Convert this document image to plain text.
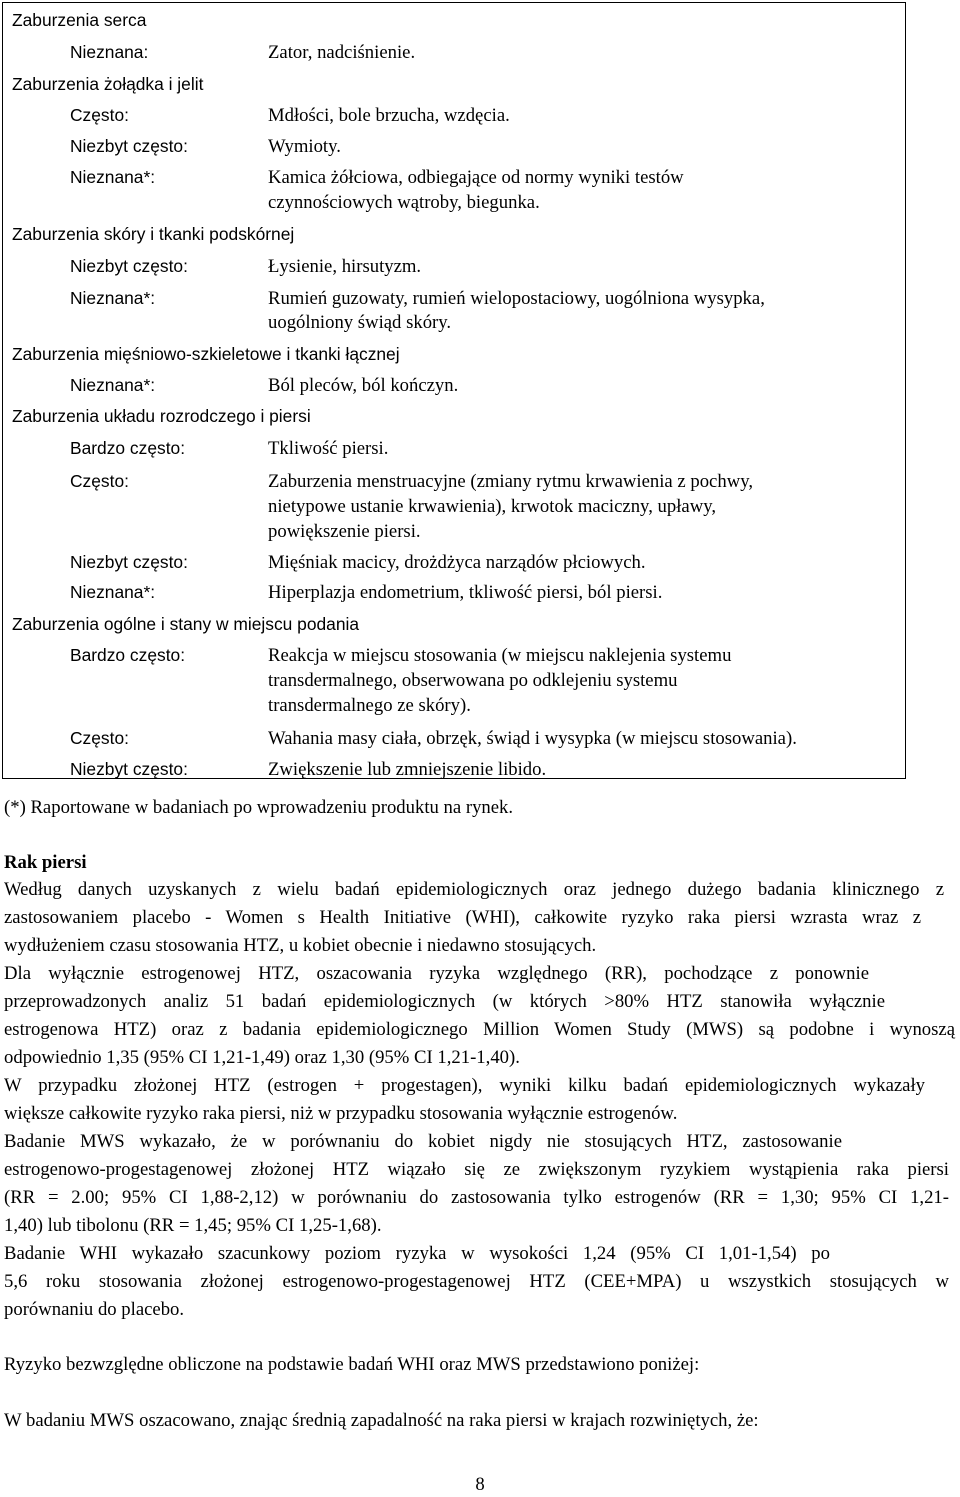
Zaburzenia serca
Nieznana:	Zator, nadciśnienie.
Zaburzenia żołądka i jelit
Często:	Mdłości, bole brzucha, wzdęcia.
Niezbyt często:	Wymioty.
Nieznana*:	Kamica żółciowa, odbiegające od normy wyniki testów
czynnościowych wątroby, biegunka.
Zaburzenia skóry i tkanki podskórnej
Niezbyt często:	Łysienie, hirsutyzm.
Nieznana*:	Rumień guzowaty, rumień wielopostaciowy, uogólniona wysypka,
uogólniony świąd skóry.
Zaburzenia mięśniowo-szkieletowe i tkanki łącznej
Nieznana*:	Ból pleców, ból kończyn.
Zaburzenia układu rozrodczego i piersi
Bardzo często:	Tkliwość piersi.
Często:	Zaburzenia menstruacyjne (zmiany rytmu krwawienia z pochwy,
nietypowe ustanie krwawienia), krwotok maciczny, upławy,
powiększenie piersi.
Niezbyt często:	Mięśniak macicy, drożdżyca narządów płciowych.
Nieznana*:	Hiperplazja endometrium, tkliwość piersi, ból piersi.
Zaburzenia ogólne i stany w miejscu podania
Bardzo często:	Reakcja w miejscu stosowania (w miejscu naklejenia systemu
transdermalnego, obserwowana po odklejeniu systemu
transdermalnego ze skóry).
Często:	Wahania masy ciała, obrzęk, świąd i wysypka (w miejscu stosowania).
Niezbyt często:	Zwiększenie lub zmniejszenie libido.
(*) Raportowane w badaniach po wprowadzeniu produktu na rynek.
Rak piersi
Według danych uzyskanych z wielu badań epidemiologicznych oraz jednego dużego badania klinicznego z
zastosowaniem placebo - Women s Health Initiative (WHI), całkowite ryzyko raka piersi wzrasta wraz z
wydłużeniem czasu stosowania HTZ, u kobiet obecnie i niedawno stosujących.
Dla wyłącznie estrogenowej HTZ, oszacowania ryzyka względnego (RR), pochodzące z ponownie
przeprowadzonych analiz 51 badań epidemiologicznych (w których >80% HTZ stanowiła wyłącznie
estrogenowa HTZ) oraz z badania epidemiologicznego Million Women Study (MWS) są podobne i wynoszą
odpowiednio 1,35 (95% CI 1,21-1,49) oraz 1,30 (95% CI 1,21-1,40).
W przypadku złożonej HTZ (estrogen + progestagen), wyniki kilku badań epidemiologicznych wykazały
większe całkowite ryzyko raka piersi, niż w przypadku stosowania wyłącznie estrogenów.
Badanie MWS wykazało, że w porównaniu do kobiet nigdy nie stosujących HTZ, zastosowanie
estrogenowo-progestagenowej złożonej HTZ wiązało się ze zwiększonym ryzykiem wystąpienia raka piersi
(RR = 2.00; 95% CI 1,88-2,12) w porównaniu do zastosowania tylko estrogenów (RR = 1,30; 95% CI 1,21-
1,40) lub tibolonu (RR = 1,45; 95% CI 1,25-1,68).
Badanie WHI wykazało szacunkowy poziom ryzyka w wysokości 1,24 (95% CI 1,01-1,54) po
5,6 roku stosowania złożonej estrogenowo-progestagenowej HTZ (CEE+MPA) u wszystkich stosujących w
porównaniu do placebo.
Ryzyko bezwzględne obliczone na podstawie badań WHI oraz MWS przedstawiono poniżej:
W badaniu MWS oszacowano, znając średnią zapadalność na raka piersi w krajach rozwiniętych, że:
8
